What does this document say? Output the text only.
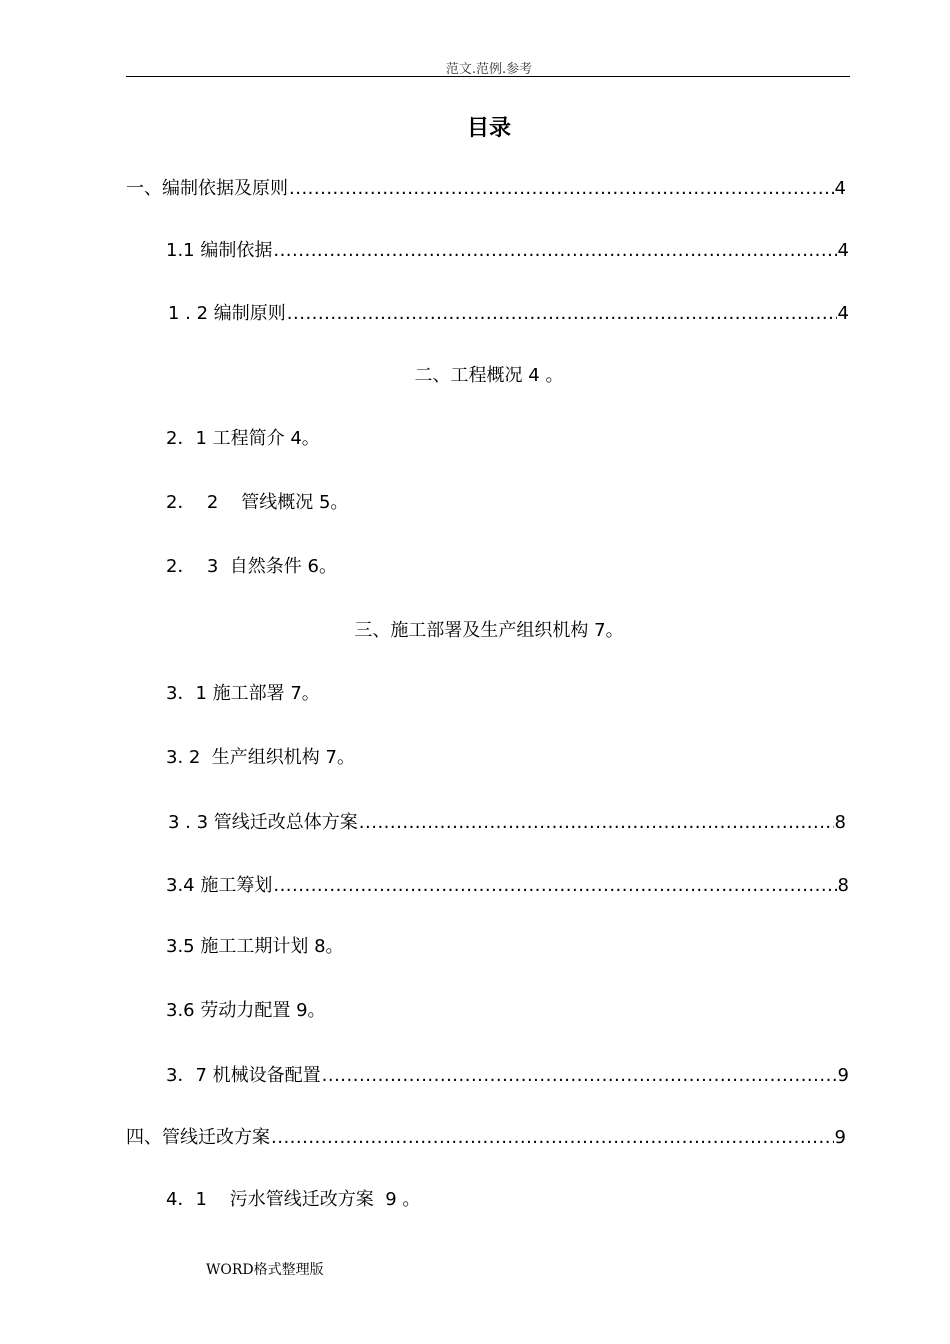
范文.范例.参考
目录
一、编制依据及原则 .....	4
1.1 编制依据 .....	4
1 . 2 编制原则 .....	4
二、工程概况 4 。
2．1 工程简介 4。
2．  2    管线概况 5。
2．  3  自然条件 6。
三、施工部署及生产组织机构 7。
3．1 施工部署 7。
3. 2  生产组织机构 7。
3 . 3 管线迁改总体方案 .....	8
3.4 施工筹划 .....	8
3.5 施工工期计划 8。
3.6 劳动力配置 9。
3．7 机械设备配置 .....	9
四、管线迁改方案 .....	9
4．1    污水管线迁改方案  9 。
WORD格式整理版
